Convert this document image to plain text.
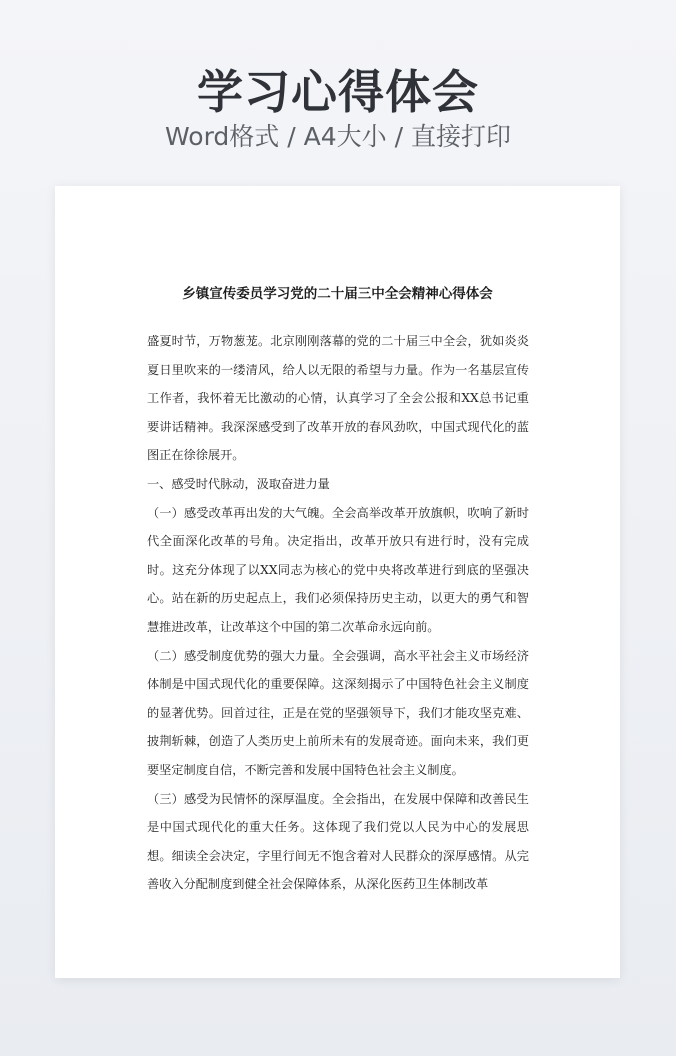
学习心得体会
Word格式 / A4大小 / 直接打印
乡镇宣传委员学习党的二十届三中全会精神心得体会

盛夏时节，万物葱茏。北京刚刚落幕的党的二十届三中全会，犹如炎炎夏日里吹来的一缕清风，给人以无限的希望与力量。作为一名基层宣传工作者，我怀着无比激动的心情，认真学习了全会公报和XX总书记重要讲话精神。我深深感受到了改革开放的春风劲吹，中国式现代化的蓝图正在徐徐展开。

一、感受时代脉动，汲取奋进力量

（一）感受改革再出发的大气魄。全会高举改革开放旗帜，吹响了新时代全面深化改革的号角。决定指出，改革开放只有进行时，没有完成时。这充分体现了以XX同志为核心的党中央将改革进行到底的坚强决心。站在新的历史起点上，我们必须保持历史主动，以更大的勇气和智慧推进改革，让改革这个中国的第二次革命永远向前。

（二）感受制度优势的强大力量。全会强调，高水平社会主义市场经济体制是中国式现代化的重要保障。这深刻揭示了中国特色社会主义制度的显著优势。回首过往，正是在党的坚强领导下，我们才能攻坚克难、披荆斩棘，创造了人类历史上前所未有的发展奇迹。面向未来，我们更要坚定制度自信，不断完善和发展中国特色社会主义制度。

（三）感受为民情怀的深厚温度。全会指出，在发展中保障和改善民生是中国式现代化的重大任务。这体现了我们党以人民为中心的发展思想。细读全会决定，字里行间无不饱含着对人民群众的深厚感情。从完善收入分配制度到健全社会保障体系，从深化医药卫生体制改革
